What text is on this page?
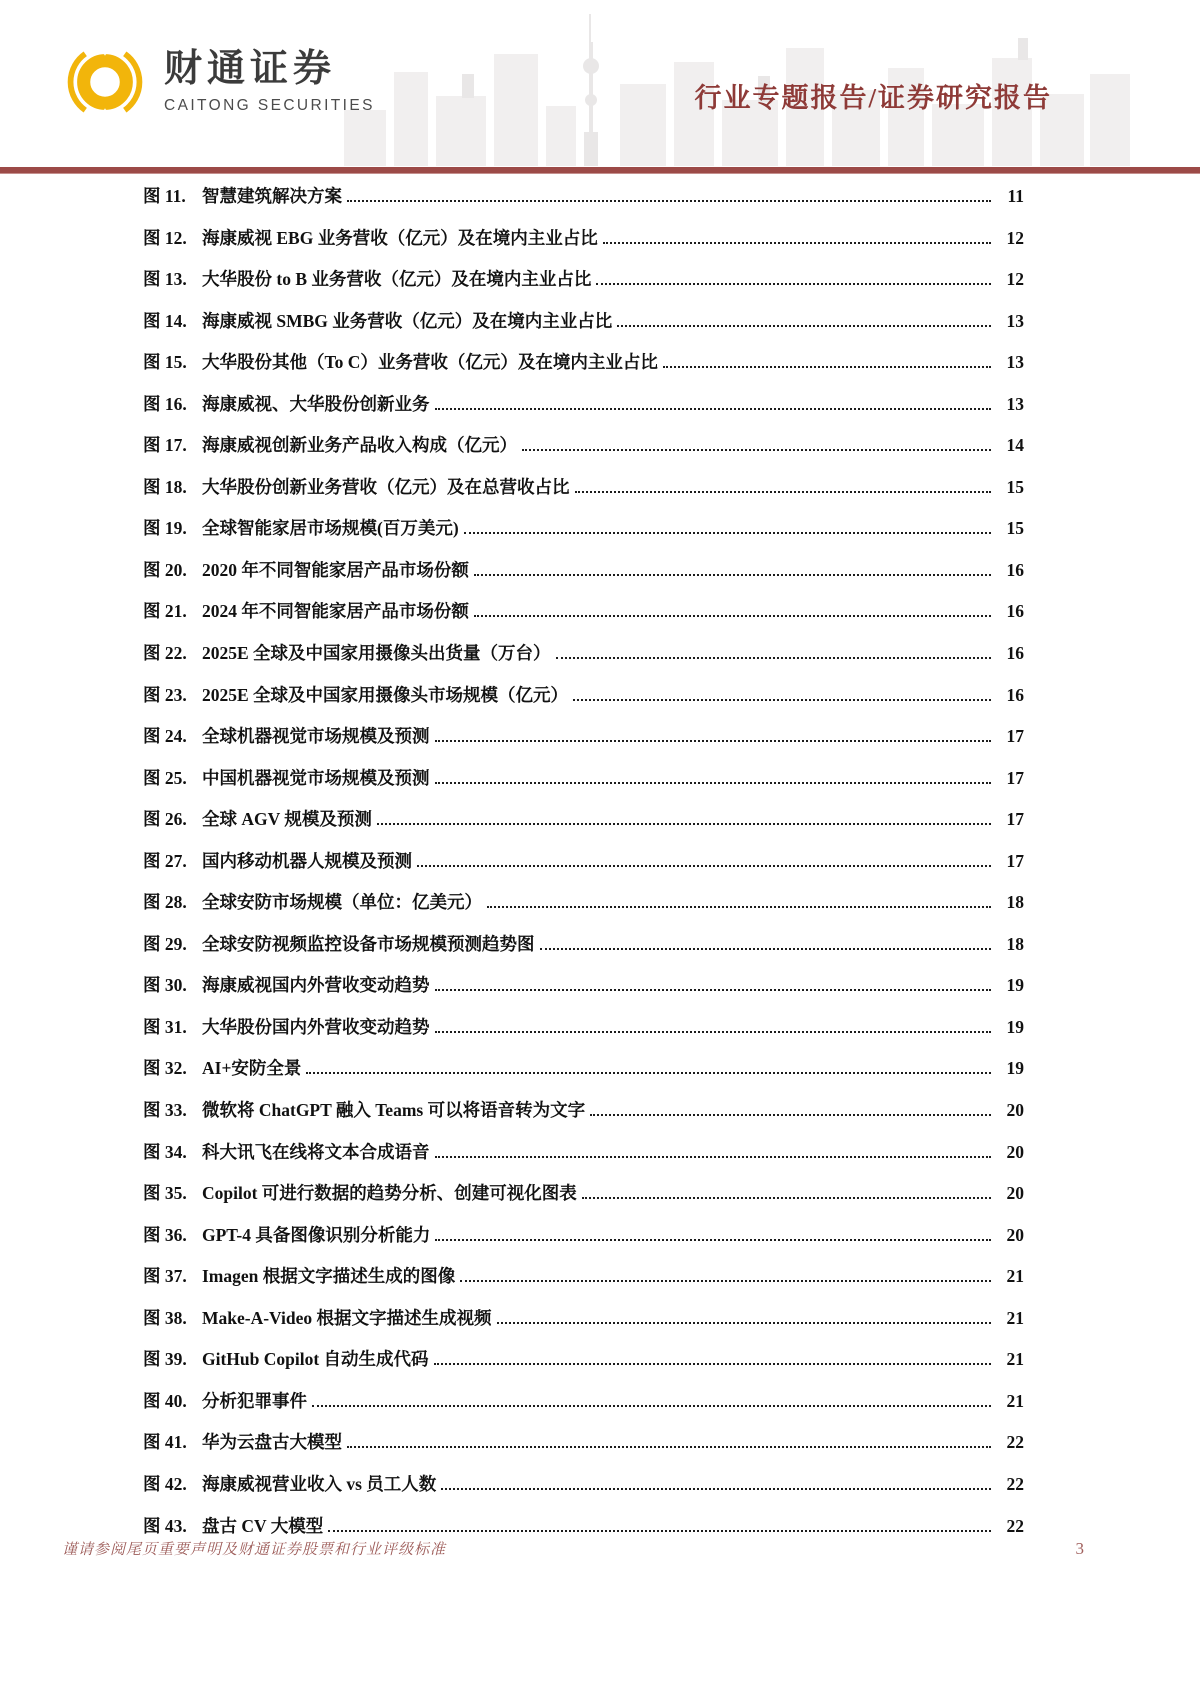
财通证券
CAITONG SECURITIES	行业专题报告/证券研究报告
图 11. 智慧建筑解决方案	11
图 12. 海康威视 EBG 业务营收（亿元）及在境内主业占比	12
图 13. 大华股份 to B 业务营收（亿元）及在境内主业占比	12
图 14. 海康威视 SMBG 业务营收（亿元）及在境内主业占比	13
图 15. 大华股份其他（To C）业务营收（亿元）及在境内主业占比	13
图 16. 海康威视、大华股份创新业务	13
图 17. 海康威视创新业务产品收入构成（亿元）	14
图 18. 大华股份创新业务营收（亿元）及在总营收占比	15
图 19. 全球智能家居市场规模(百万美元)	15
图 20. 2020 年不同智能家居产品市场份额	16
图 21. 2024 年不同智能家居产品市场份额	16
图 22. 2025E 全球及中国家用摄像头出货量（万台）	16
图 23. 2025E 全球及中国家用摄像头市场规模（亿元）	16
图 24. 全球机器视觉市场规模及预测	17
图 25. 中国机器视觉市场规模及预测	17
图 26. 全球 AGV 规模及预测	17
图 27. 国内移动机器人规模及预测	17
图 28. 全球安防市场规模（单位：亿美元）	18
图 29. 全球安防视频监控设备市场规模预测趋势图	18
图 30. 海康威视国内外营收变动趋势	19
图 31. 大华股份国内外营收变动趋势	19
图 32. AI+安防全景	19
图 33. 微软将 ChatGPT 融入 Teams 可以将语音转为文字	20
图 34. 科大讯飞在线将文本合成语音	20
图 35. Copilot 可进行数据的趋势分析、创建可视化图表	20
图 36. GPT-4 具备图像识别分析能力	20
图 37. Imagen 根据文字描述生成的图像	21
图 38. Make-A-Video 根据文字描述生成视频	21
图 39. GitHub Copilot 自动生成代码	21
图 40. 分析犯罪事件	21
图 41. 华为云盘古大模型	22
图 42. 海康威视营业收入 vs 员工人数	22
图 43. 盘古 CV 大模型	22
谨请参阅尾页重要声明及财通证券股票和行业评级标准	3
